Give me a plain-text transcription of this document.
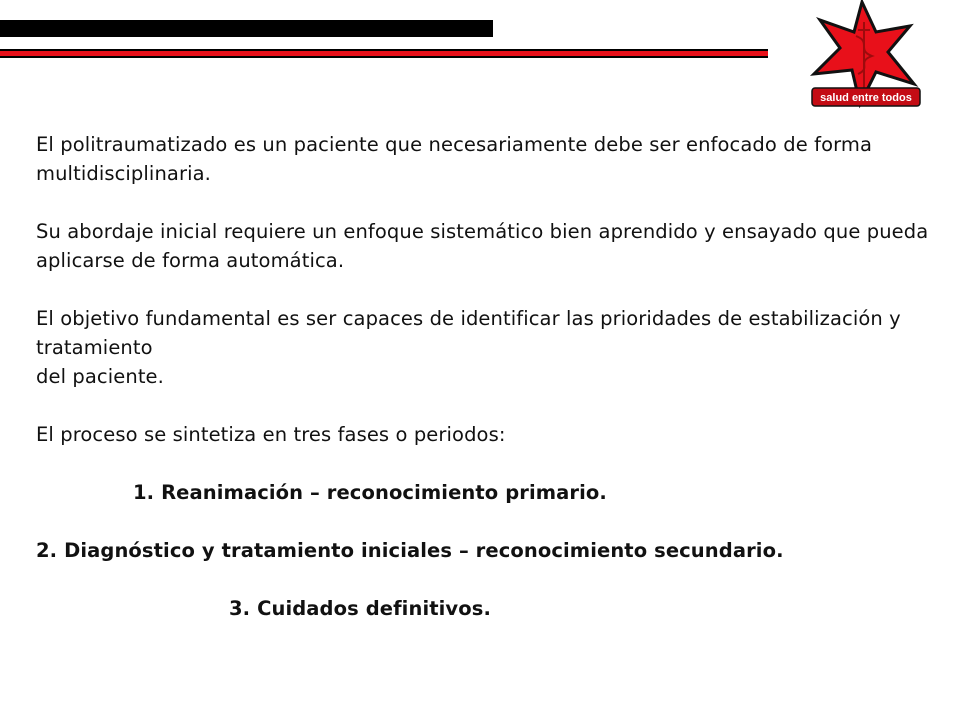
salud entre todos

El politraumatizado es un paciente que necesariamente debe ser enfocado de forma multidisciplinaria.

Su abordaje inicial requiere un enfoque sistemático bien aprendido y ensayado que pueda aplicarse de forma automática.

El objetivo fundamental es ser capaces de identificar las prioridades de estabilización y tratamiento

del paciente.

El proceso se sintetiza en tres fases o periodos:

1. Reanimación – reconocimiento primario.

2. Diagnóstico y tratamiento iniciales – reconocimiento secundario.

3. Cuidados definitivos.
